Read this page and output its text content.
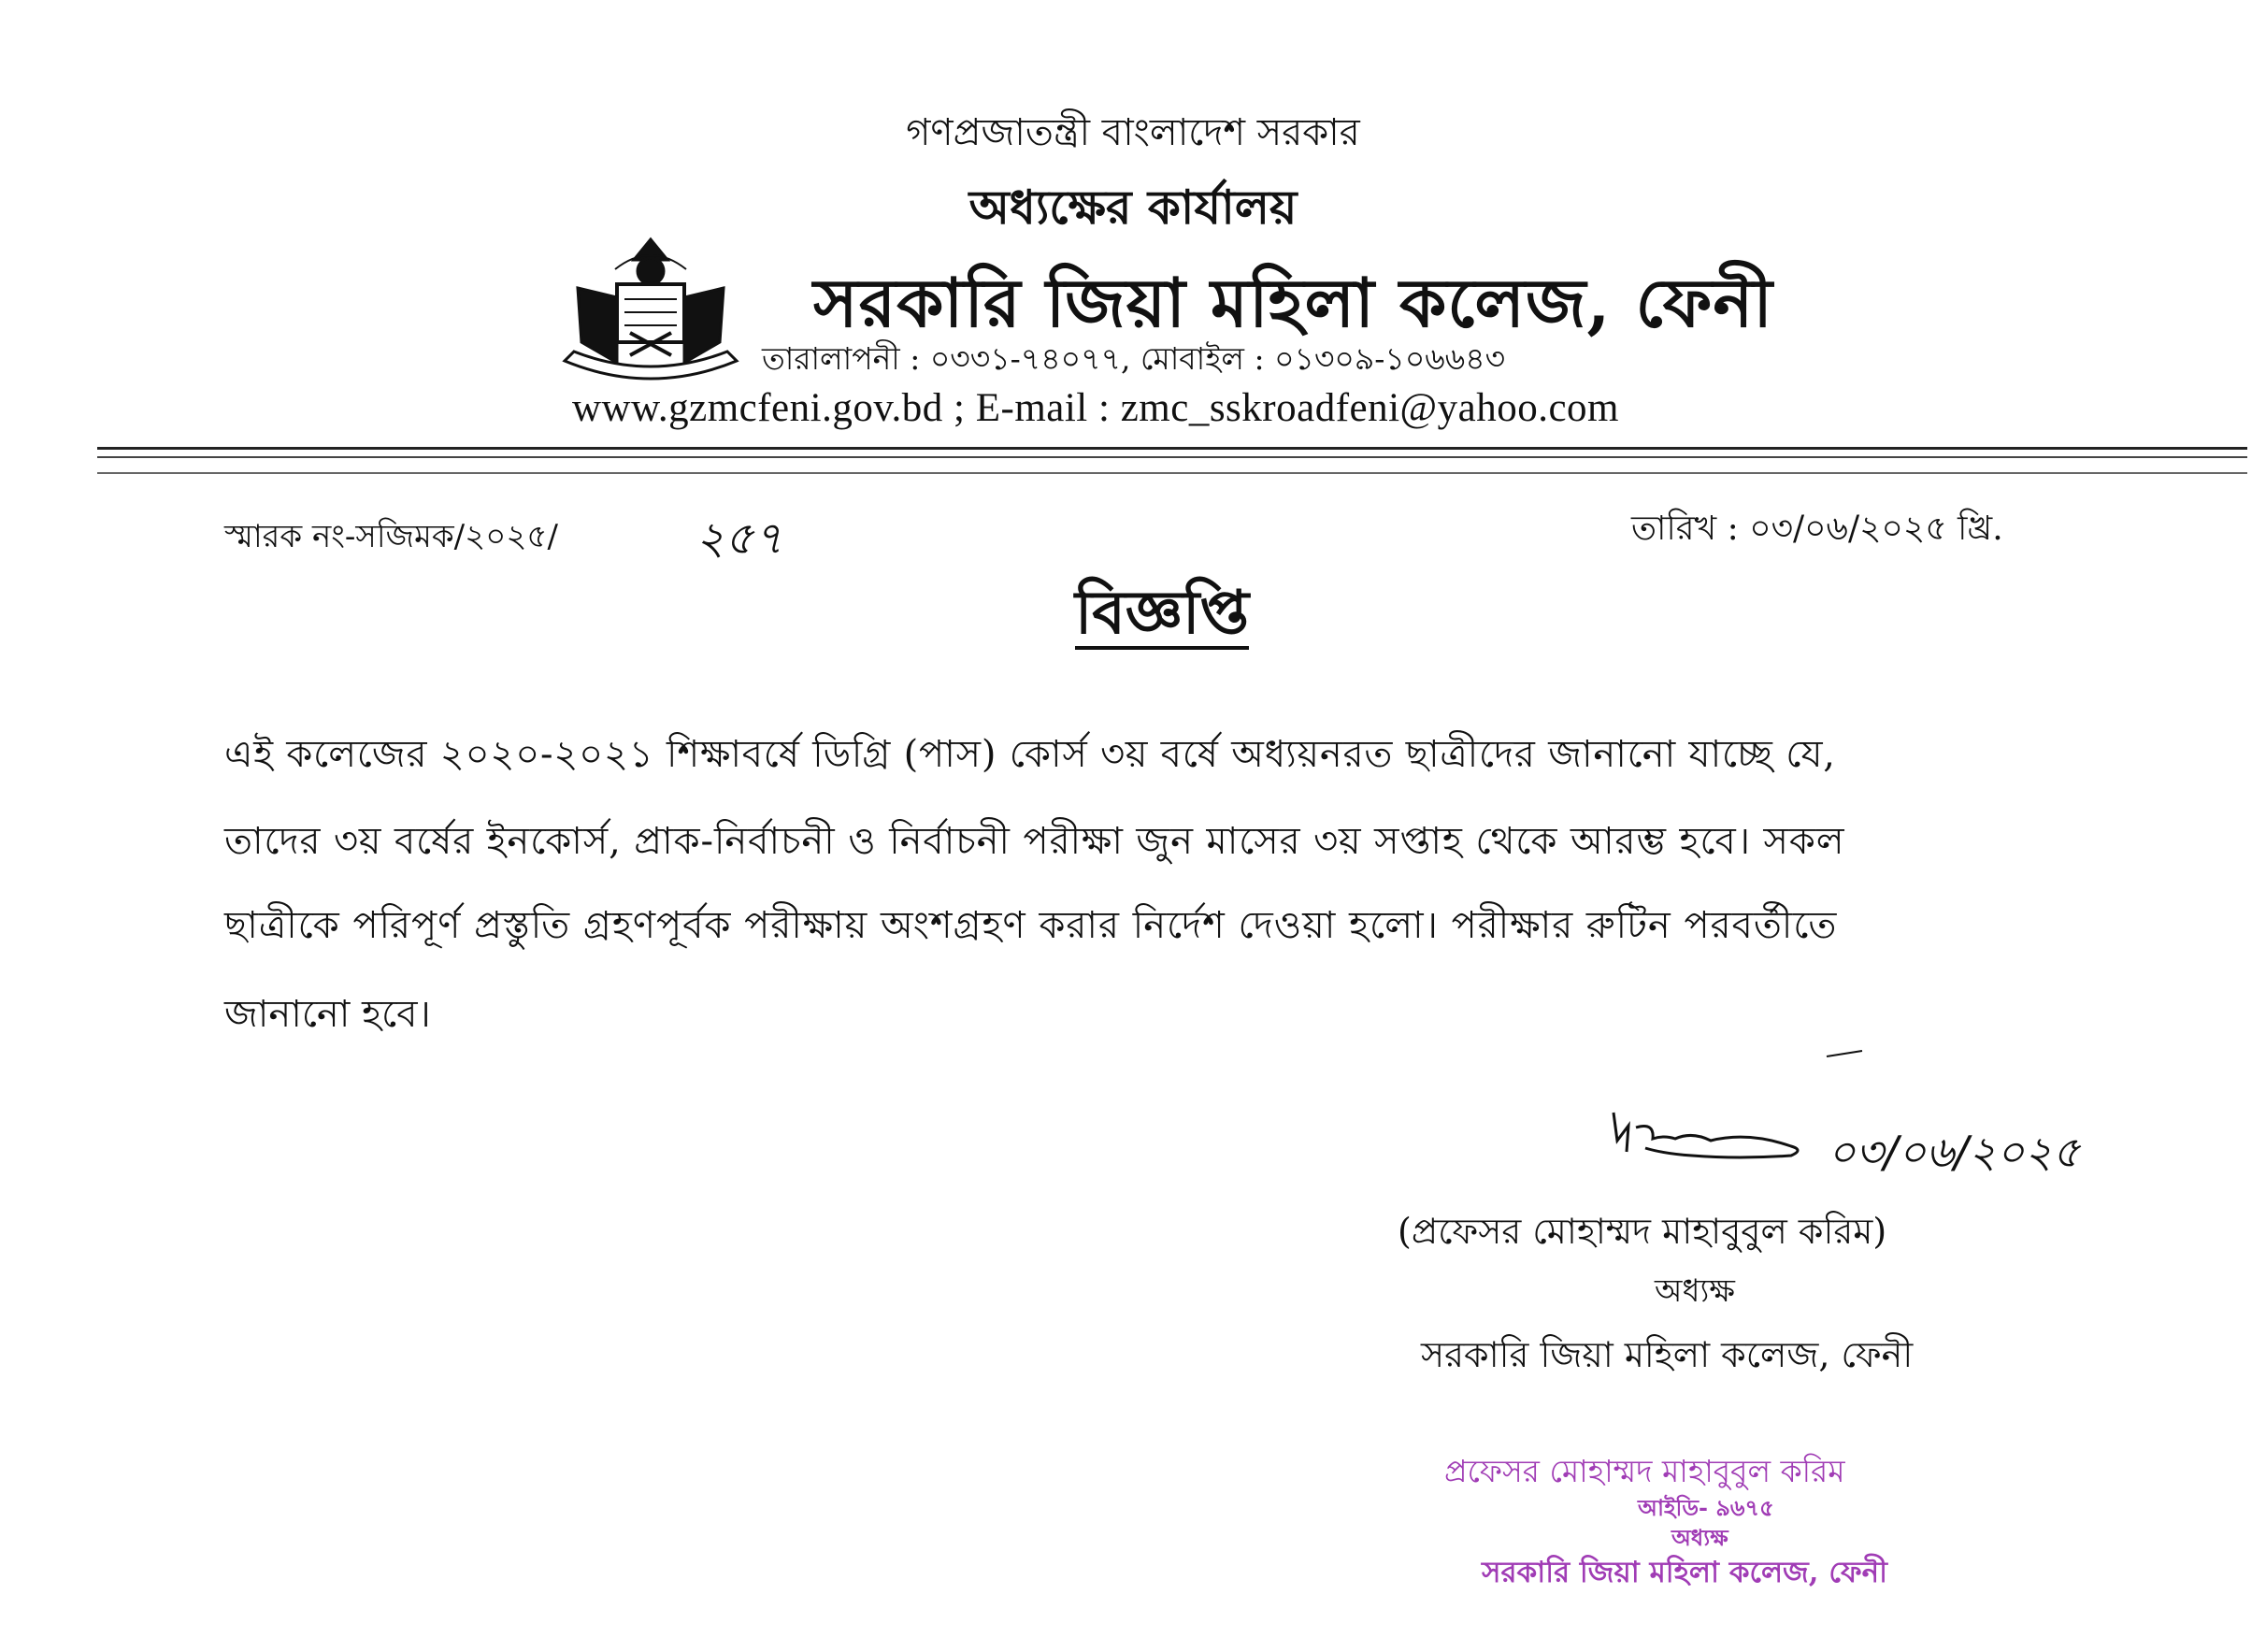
গণপ্রজাতন্ত্রী বাংলাদেশ সরকার
অধ্যক্ষের কার্যালয়
সরকারি জিয়া মহিলা কলেজ, ফেনী
তারালাপনী : ০৩৩১-৭৪০৭৭, মোবাইল : ০১৩০৯-১০৬৬৪৩
www.gzmcfeni.gov.bd ; E-mail : zmc_sskroadfeni@yahoo.com
স্মারক নং-সজিমক/২০২৫/	২৫৭	তারিখ : ০৩/০৬/২০২৫ খ্রি.
বিজ্ঞপ্তি
এই কলেজের ২০২০-২০২১ শিক্ষাবর্ষে ডিগ্রি (পাস) কোর্স ৩য় বর্ষে অধ্যয়নরত ছাত্রীদের জানানো যাচ্ছে যে,
তাদের ৩য় বর্ষের ইনকোর্স, প্রাক-নির্বাচনী ও নির্বাচনী পরীক্ষা জুন মাসের ৩য় সপ্তাহ থেকে আরম্ভ হবে। সকল
ছাত্রীকে পরিপূর্ণ প্রস্তুতি গ্রহণপূর্বক পরীক্ষায় অংশগ্রহণ করার নির্দেশ দেওয়া হলো। পরীক্ষার রুটিন পরবর্তীতে
জানানো হবে।
০৩/০৬/২০২৫
(প্রফেসর মোহাম্মদ মাহাবুবুল করিম)
অধ্যক্ষ
সরকারি জিয়া মহিলা কলেজ, ফেনী
প্রফেসর মোহাম্মদ মাহাবুবুল করিম
আইডি- ৯৬৭৫
অধ্যক্ষ
সরকারি জিয়া মহিলা কলেজ, ফেনী
